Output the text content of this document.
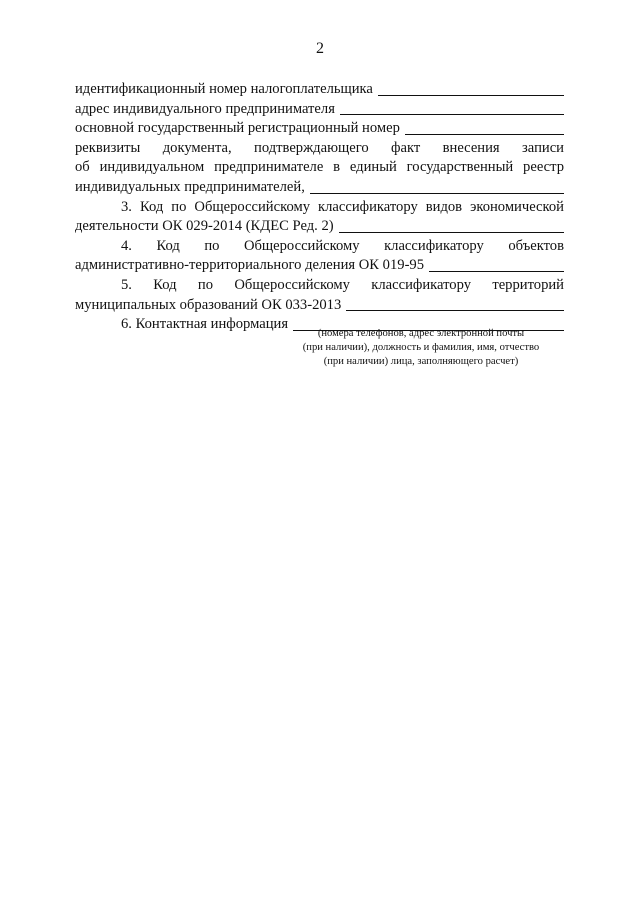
2
идентификационный номер налогоплательщика
адрес индивидуального предпринимателя
основной государственный регистрационный номер
реквизиты документа, подтверждающего факт внесения записи
об индивидуальном предпринимателе в единый государственный реестр
индивидуальных предпринимателей,
3. Код по Общероссийскому классификатору видов экономической
деятельности ОК 029-2014 (КДЕС Ред. 2)
4. Код по Общероссийскому классификатору объектов
административно-территориального деления ОК 019-95
5. Код по Общероссийскому классификатору территорий
муниципальных образований ОК 033-2013
6. Контактная информация
(номера телефонов, адрес электронной почты
(при наличии), должность и фамилия, имя, отчество
(при наличии) лица, заполняющего расчет)
